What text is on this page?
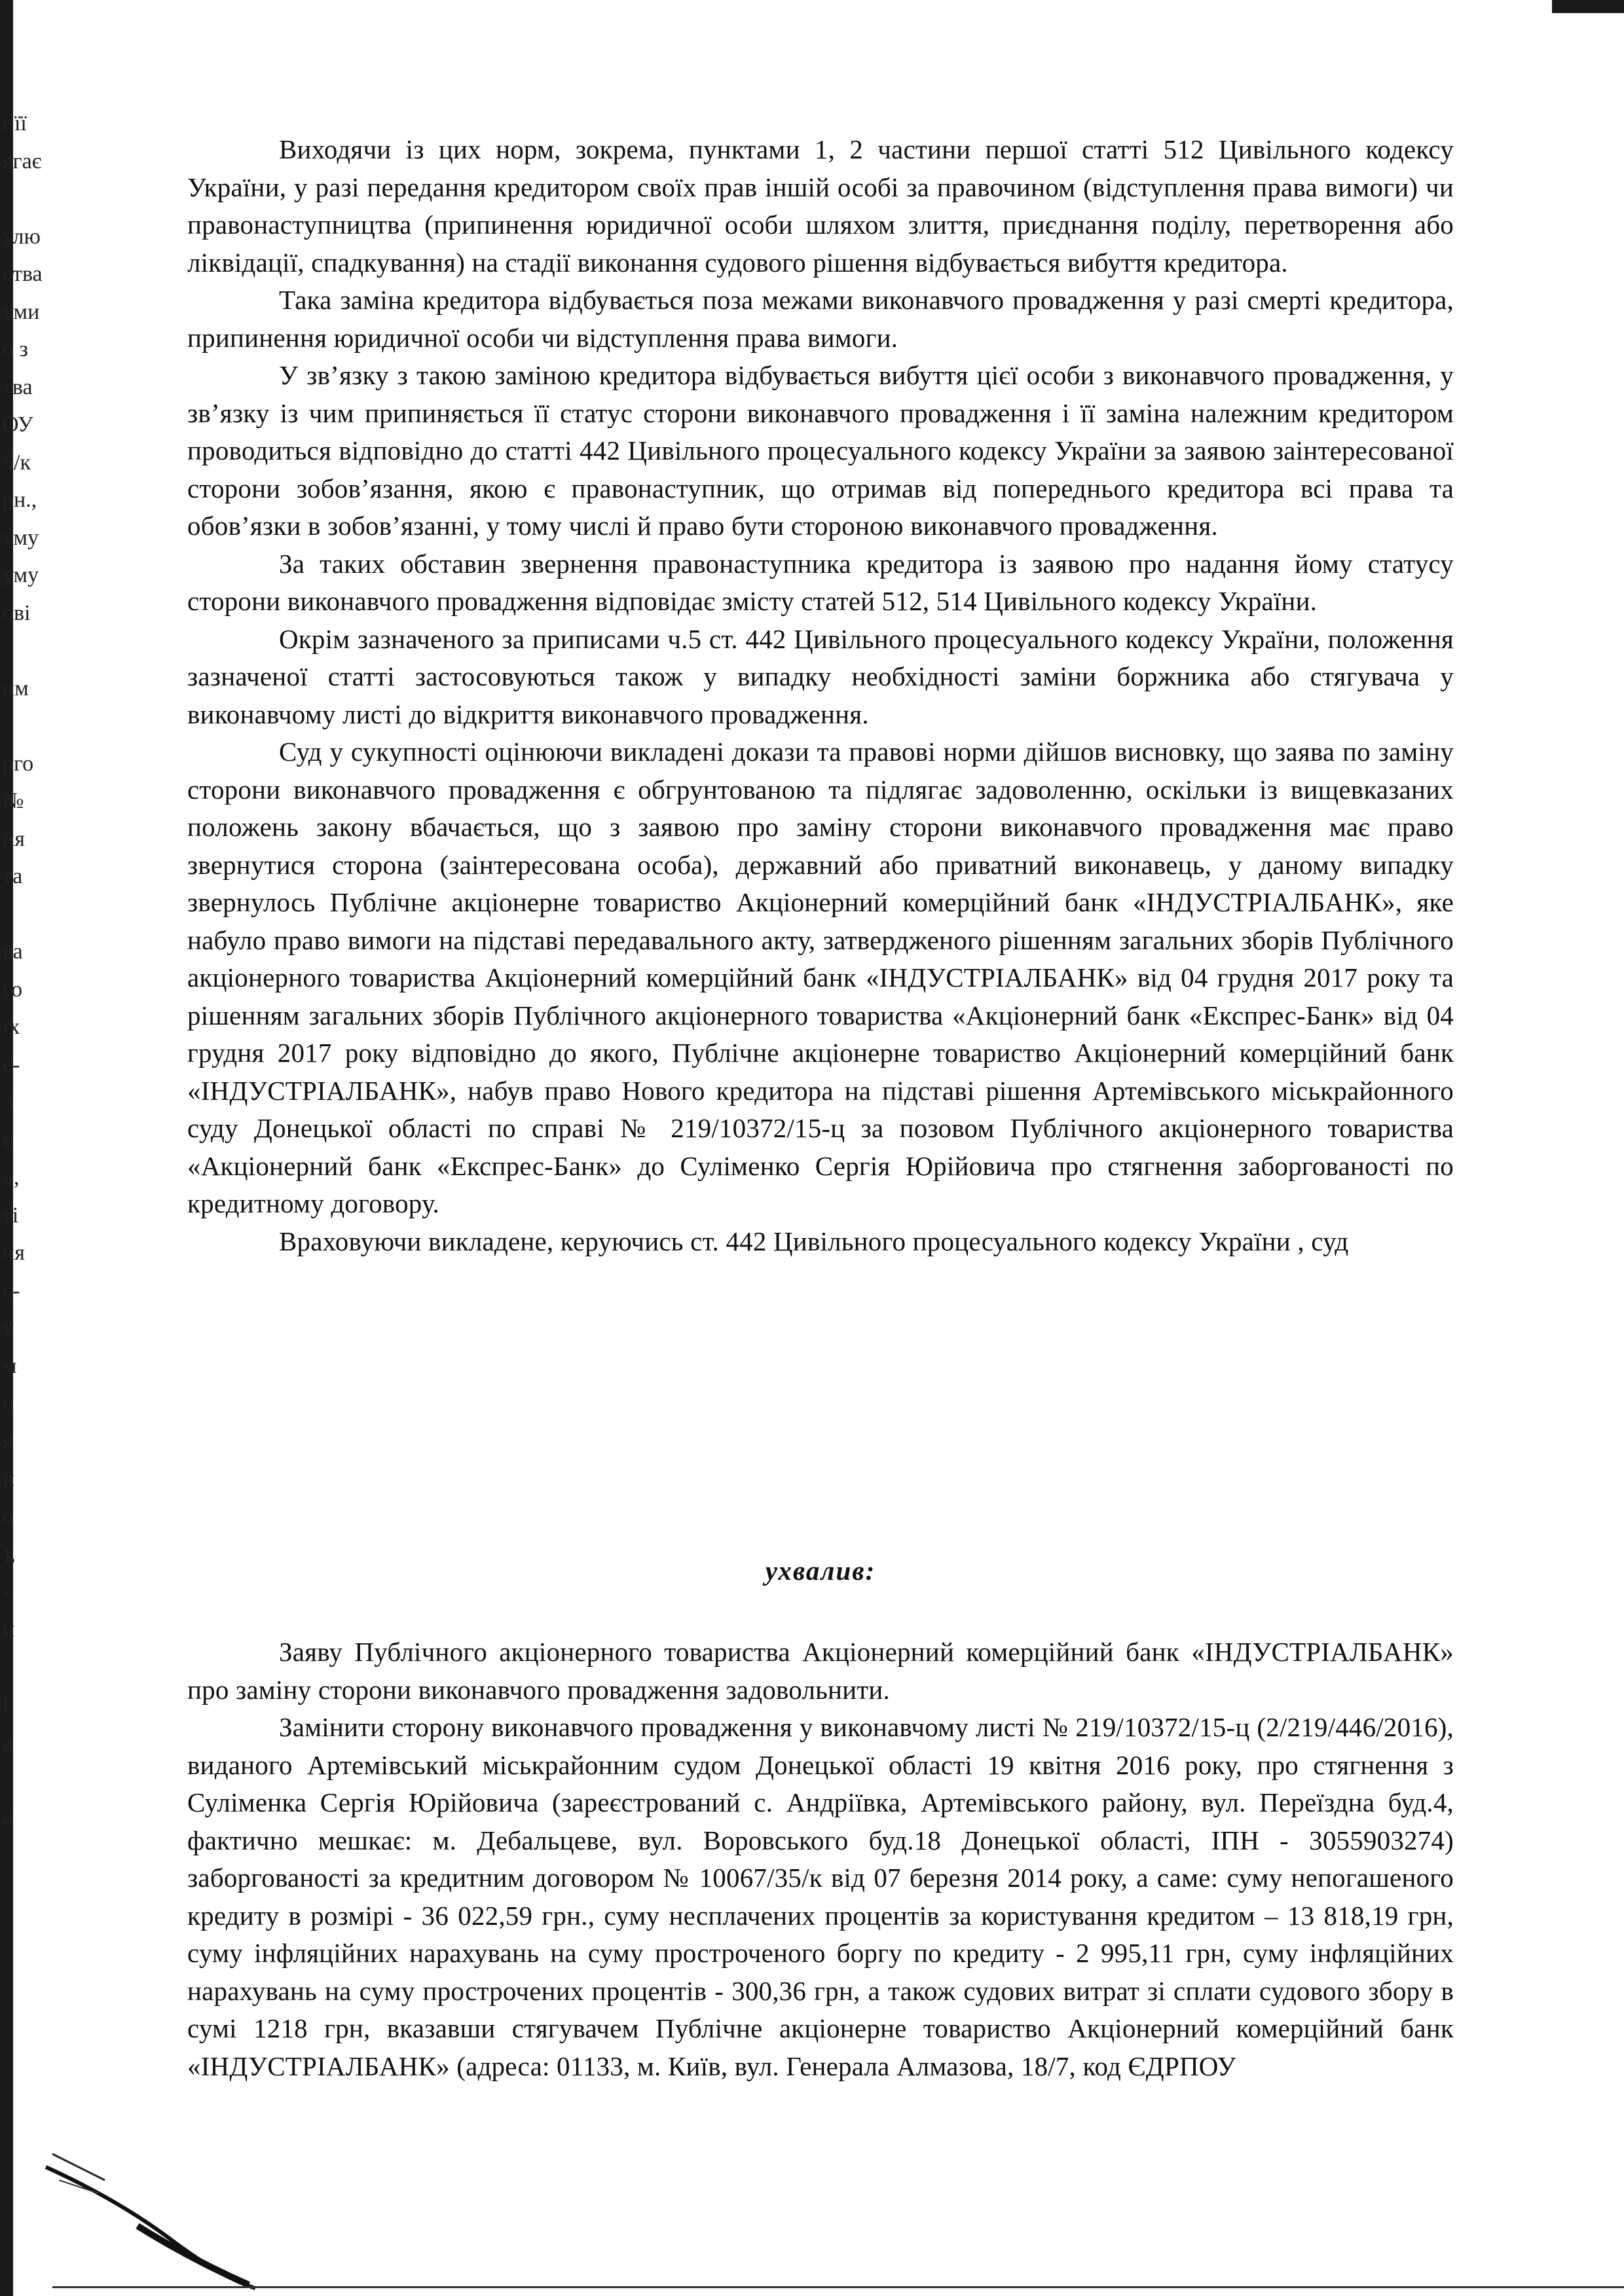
і її
ягає
улю
ства
уми
о з
тва
ОУ
5/к
рн.,
уму
уму
ові
им
рго
№
ня
та
ва
го
іх
с-
3
є
»,
ті
ня
с-
у
м
о
я
й
о
),
-
и
і
а
а

Виходячи із цих норм, зокрема, пунктами 1, 2 частини першої статті 512 Цивільного кодексу України, у разі передання кредитором своїх прав іншій особі за правочином (відступлення права вимоги) чи правонаступництва (припинення юридичної особи шляхом злиття, приєднання поділу, перетворення або ліквідації, спадкування) на стадії виконання судового рішення відбувається вибуття кредитора.

Така заміна кредитора відбувається поза межами виконавчого провадження у разі смерті кредитора, припинення юридичної особи чи відступлення права вимоги.

У зв’язку з такою заміною кредитора відбувається вибуття цієї особи з виконавчого провадження, у зв’язку із чим припиняється її статус сторони виконавчого провадження і її заміна належним кредитором проводиться відповідно до статті 442 Цивільного процесуального кодексу України за заявою заінтересованої сторони зобов’язання, якою є правонаступник, що отримав від попереднього кредитора всі права та обов’язки в зобов’язанні, у тому числі й право бути стороною виконавчого провадження.

За таких обставин звернення правонаступника кредитора із заявою про надання йому статусу сторони виконавчого провадження відповідає змісту статей 512, 514 Цивільного кодексу України.

Окрім зазначеного за приписами ч.5 ст. 442 Цивільного процесуального кодексу України, положення зазначеної статті застосовуються також у випадку необхідності заміни боржника або стягувача у виконавчому листі до відкриття виконавчого провадження.

Суд у сукупності оцінюючи викладені докази та правові норми дійшов висновку, що заява по заміну сторони виконавчого провадження є обгрунтованою та підлягає задоволенню, оскільки із вищевказаних положень закону вбачається, що з заявою про заміну сторони виконавчого провадження має право звернутися сторона (заінтересована особа), державний або приватний виконавець, у даному випадку звернулось Публічне акціонерне товариство Акціонерний комерційний банк «ІНДУСТРІАЛБАНК», яке набуло право вимоги на підставі передавального акту, затвердженого рішенням загальних зборів Публічного акціонерного товариства Акціонерний комерційний банк «ІНДУСТРІАЛБАНК» від 04 грудня 2017 року та рішенням загальних зборів Публічного акціонерного товариства «Акціонерний банк «Експрес-Банк» від 04 грудня 2017 року відповідно до якого, Публічне акціонерне товариство Акціонерний комерційний банк «ІНДУСТРІАЛБАНК», набув право Нового кредитора на підставі рішення Артемівського міськрайонного суду Донецької області по справі № 219/10372/15-ц за позовом Публічного акціонерного товариства «Акціонерний банк «Експрес-Банк» до Суліменко Сергія Юрійовича про стягнення заборгованості по кредитному договору.

Враховуючи викладене, керуючись ст. 442 Цивільного процесуального кодексу України , суд

ухвалив:

Заяву Публічного акціонерного товариства Акціонерний комерційний банк «ІНДУСТРІАЛБАНК» про заміну сторони виконавчого провадження задовольнити.

Замінити сторону виконавчого провадження у виконавчому листі № 219/10372/15-ц (2/219/446/2016), виданого Артемівський міськрайонним судом Донецької області 19 квітня 2016 року, про стягнення з Суліменка Сергія Юрійовича (зареєстрований с. Андріївка, Артемівського району, вул. Переїздна буд.4, фактично мешкає: м. Дебальцеве, вул. Воровського буд.18 Донецької області, ІПН - 3055903274) заборгованості за кредитним договором № 10067/35/к від 07 березня 2014 року, а саме: суму непогашеного кредиту в розмірі - 36 022,59 грн., суму несплачених процентів за користування кредитом – 13 818,19 грн, суму інфляційних нарахувань на суму простроченого боргу по кредиту - 2 995,11 грн, суму інфляційних нарахувань на суму прострочених процентів - 300,36 грн, а також судових витрат зі сплати судового збору в сумі 1218 грн, вказавши стягувачем Публічне акціонерне товариство Акціонерний комерційний банк «ІНДУСТРІАЛБАНК» (адреса: 01133, м. Київ, вул. Генерала Алмазова, 18/7, код ЄДРПОУ
